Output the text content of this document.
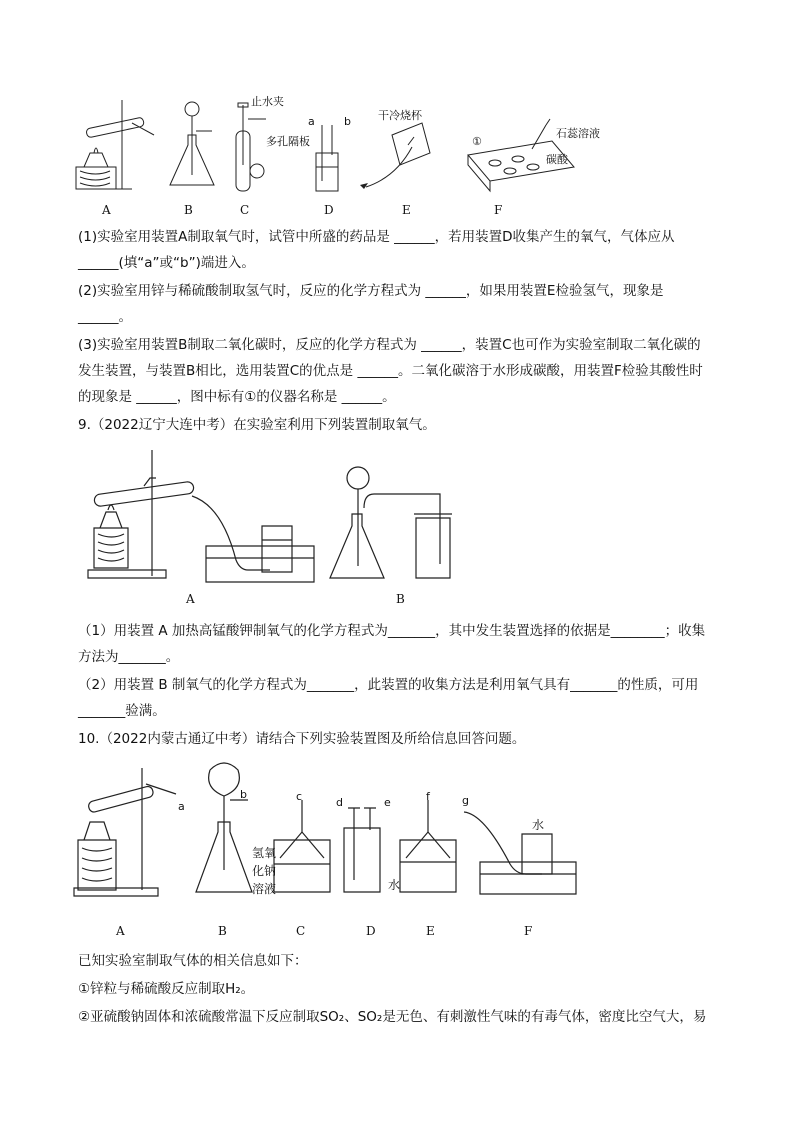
A	B	C	D	E	F
止水夹
多孔隔板
a	b 干冷烧杯
①
石蕊溶液
碳酸
(1)实验室用装置A制取氧气时，试管中所盛的药品是 ______，若用装置D收集产生的氧气，气体应从
______(填“a”或“b”)端进入。
(2)实验室用锌与稀硫酸制取氢气时，反应的化学方程式为 ______，如果用装置E检验氢气，现象是
______。
(3)实验室用装置B制取二氧化碳时，反应的化学方程式为 ______，装置C也可作为实验室制取二氧化碳的
发生装置，与装置B相比，选用装置C的优点是 ______。二氧化碳溶于水形成碳酸，用装置F检验其酸性时
的现象是 ______，图中标有①的仪器名称是 ______。
9.（2022辽宁大连中考）在实验室利用下列装置制取氧气。
A	B
（1）用装置 A 加热高锰酸钾制氧气的化学方程式为_______，其中发生装置选择的依据是________；收集
方法为_______。
（2）用装置 B 制氧气的化学方程式为_______，此装置的收集方法是利用氧气具有_______的性质，可用
_______验满。
10.（2022内蒙古通辽中考）请结合下列实验装置图及所给信息回答问题。
a
b	c	d	e	f	g
氢氧
化钠
溶液	水
水
A	B	C	D	E	F
已知实验室制取气体的相关信息如下：
①锌粒与稀硫酸反应制取H₂。
②亚硫酸钠固体和浓硫酸常温下反应制取SO₂、SO₂是无色、有刺激性气味的有毒气体，密度比空气大，易
